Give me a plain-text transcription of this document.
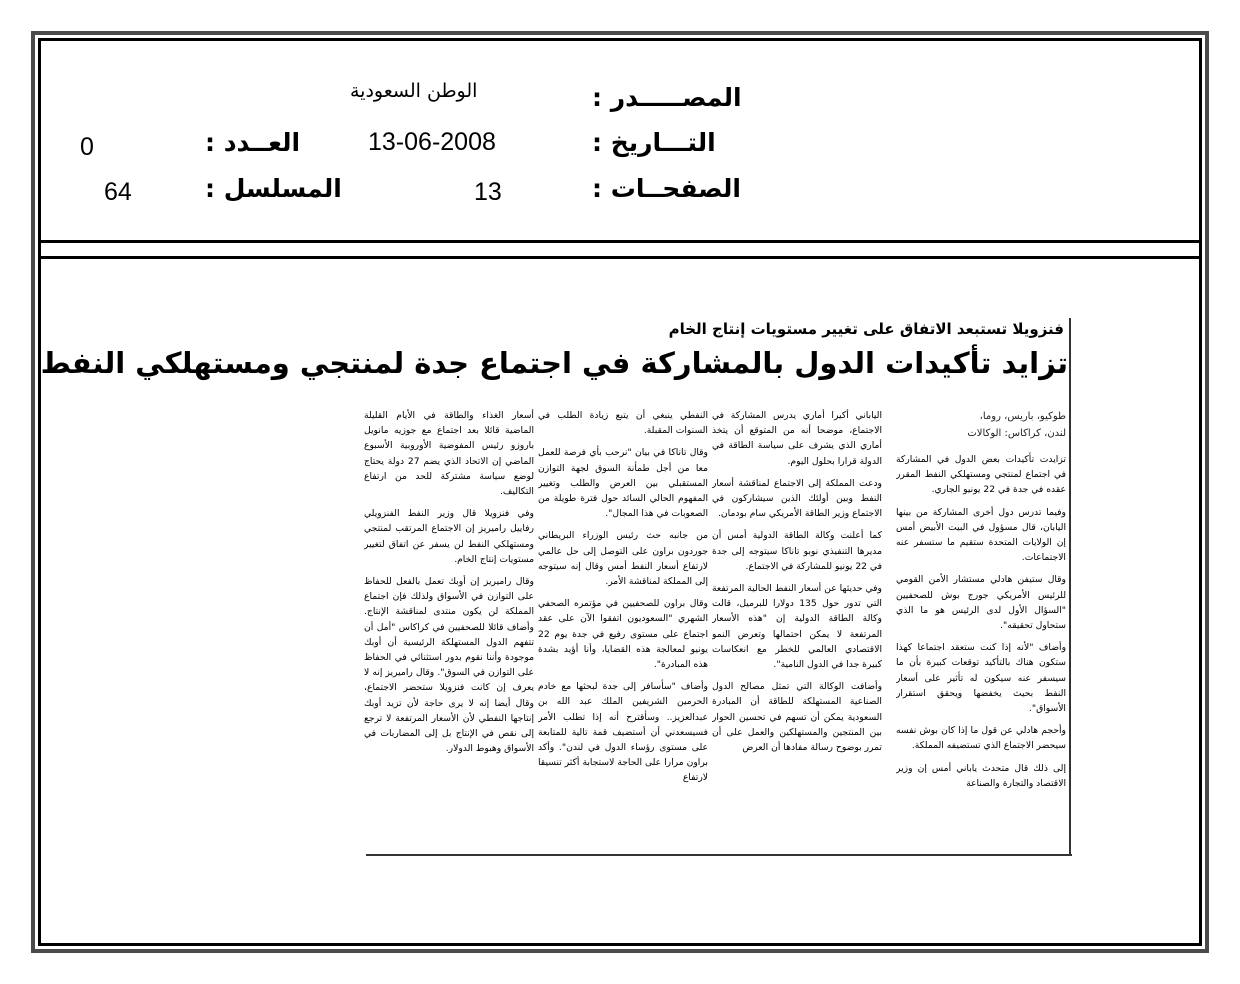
المصـــــدر :
الوطن السعودية
التـــاريخ :
13-06-2008
العــدد :
0
الصفحــات :
13
المسلسل :
64
فنزويلا تستبعد الاتفاق على تغيير مستويات إنتاج الخام
تزايد تأكيدات الدول بالمشاركة في اجتماع جدة لمنتجي ومستهلكي النفط

طوكيو، باريس، روما،
لندن، كراكاس: الوكالات

تزايدت تأكيدات بعض الدول في المشاركة في اجتماع لمنتجي ومستهلكي النفط المقرر عقده في جدة في 22 يونيو الجاري.

وفيما تدرس دول أخرى المشاركة من بينها اليابان، قال مسؤول في البيت الأبيض أمس إن الولايات المتحدة ستقيم ما ستسفر عنه الاجتماعات.

وقال ستيفن هادلي مستشار الأمن القومي للرئيس الأمريكي جورج بوش للصحفيين "السؤال الأول لدى الرئيس هو ما الذي ستحاول تحقيقه".

وأضاف "لأنه إذا كنت ستعقد اجتماعا كهذا ستكون هناك بالتأكيد توقعات كبيرة بأن ما سيسفر عنه سيكون له تأثير على أسعار النفط بحيث يخفضها ويحقق استقرار الأسواق".

وأحجم هادلي عن قول ما إذا كان بوش نفسه سيحضر الاجتماع الذي تستضيفه المملكة.

إلى ذلك قال متحدث ياباني أمس إن وزير الاقتصاد والتجارة والصناعة

الياباني أكيرا أماري يدرس المشاركة في الاجتماع، موضحا أنه من المتوقع أن يتخذ أماري الذي يشرف على سياسة الطاقة في الدولة قرارا بحلول اليوم.

ودعت المملكة إلى الاجتماع لمناقشة أسعار النفط وبين أولئك الذين سيشاركون في الاجتماع وزير الطاقة الأمريكي سام بودمان.

كما أعلنت وكالة الطاقة الدولية أمس أن مديرها التنفيذي نوبو تاناكا سيتوجه إلى جدة في 22 يونيو للمشاركة في الاجتماع.

وفي حديثها عن أسعار النفط الحالية المرتفعة التي تدور حول 135 دولارا للبرميل، قالت وكالة الطاقة الدولية إن "هذه الأسعار المرتفعة لا يمكن احتمالها وتعرض النمو الاقتصادي العالمي للخطر مع انعكاسات كبيرة جدا في الدول النامية".

وأضافت الوكالة التي تمثل مصالح الدول الصناعية المستهلكة للطاقة أن المبادرة السعودية يمكن أن تسهم في تحسين الحوار بين المنتجين والمستهلكين والعمل على أن تمرر بوضوح رسالة مفادها أن العرض

النفطي ينبغي أن يتبع زيادة الطلب في السنوات المقبلة.

وقال تاناكا في بيان "نرحب بأي فرصة للعمل معا من أجل طمأنة السوق لجهة التوازن المستقبلي بين العرض والطلب وتغيير المفهوم الحالي السائد حول فترة طويلة من الصعوبات في هذا المجال".

من جانبه حث رئيس الوزراء البريطاني جوردون براون على التوصل إلى حل عالمي لارتفاع أسعار النفط أمس وقال إنه سيتوجه إلى المملكة لمناقشة الأمر.

وقال براون للصحفيين في مؤتمره الصحفي الشهري "السعوديون اتفقوا الآن على عقد اجتماع على مستوى رفيع في جدة يوم 22 يونيو لمعالجة هذه القضايا، وأنا أؤيد بشدة هذه المبادرة".

وأضاف "سأسافر إلى جدة لبحثها مع خادم الحرمين الشريفين الملك عبد الله بن عبدالعزيز.. وسأقترح أنه إذا تطلب الأمر فسيسعدني أن أستضيف قمة تالية للمتابعة على مستوى رؤساء الدول في لندن". وأكد براون مرارا على الحاجة لاستجابة أكثر تنسيقا لارتفاع

أسعار الغذاء والطاقة في الأيام القليلة الماضية قائلا بعد اجتماع مع جوزيه مانويل باروزو رئيس المفوضية الأوروبية الأسبوع الماضي إن الاتحاد الذي يضم 27 دولة يحتاج لوضع سياسة مشتركة للحد من ارتفاع التكاليف.

وفي فنزويلا قال وزير النفط الفنزويلي رفاييل راميريز إن الاجتماع المرتقب لمنتجي ومستهلكي النفط لن يسفر عن اتفاق لتغيير مستويات إنتاج الخام.

وقال راميريز إن أوبك تعمل بالفعل للحفاظ على التوازن في الأسواق ولذلك فإن اجتماع المملكة لن يكون منتدى لمناقشة الإنتاج. وأضاف قائلا للصحفيين في كراكاس "أمل أن تتفهم الدول المستهلكة الرئيسية أن أوبك موجودة وأننا نقوم بدور استثنائي في الحفاظ على التوازن في السوق". وقال راميريز إنه لا يعرف إن كانت فنزويلا ستحضر الاجتماع، وقال أيضا إنه لا يرى حاجة لأن تزيد أوبك إنتاجها النفطي لأن الأسعار المرتفعة لا ترجع إلى نقص في الإنتاج بل إلى المضاربات في الأسواق وهبوط الدولار.
